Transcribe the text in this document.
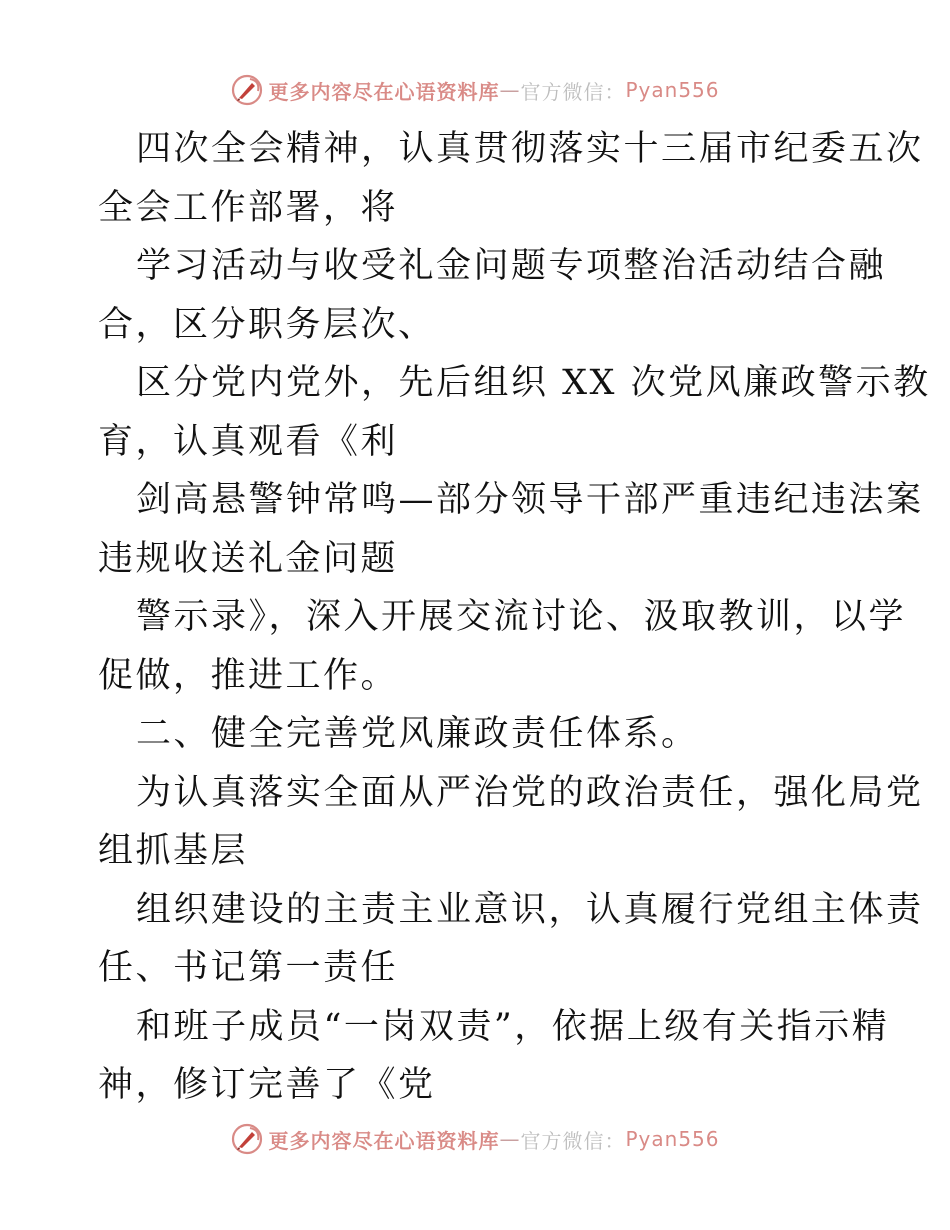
更多内容尽在心语资料库 — 官方微信： Pyan556
四次全会精神，认真贯彻落实十三届市纪委五次
全会工作部署，将
学习活动与收受礼金问题专项整治活动结合融
合，区分职务层次、
区分党内党外，先后组织 XX 次党风廉政警示教
育，认真观看《利
剑高悬警钟常鸣—部分领导干部严重违纪违法案
违规收送礼金问题
警示录》，深入开展交流讨论、汲取教训，以学
促做，推进工作。
二、健全完善党风廉政责任体系。
为认真落实全面从严治党的政治责任，强化局党
组抓基层
组织建设的主责主业意识，认真履行党组主体责
任、书记第一责任
和班子成员“一岗双责”，依据上级有关指示精
神，修订完善了《党
更多内容尽在心语资料库 — 官方微信： Pyan556
